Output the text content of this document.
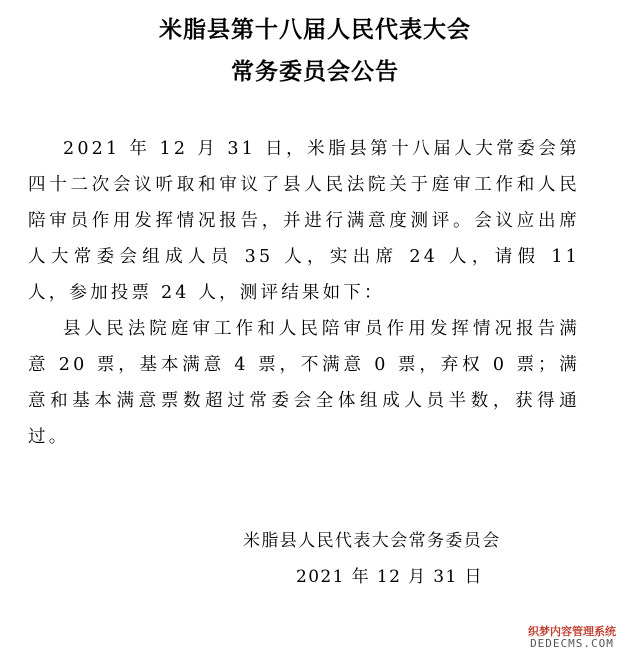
米脂县第十八届人民代表大会
常务委员会公告

2021 年 12 月 31 日，米脂县第十八届人大常委会第四十二次会议听取和审议了县人民法院关于庭审工作和人民陪审员作用发挥情况报告，并进行满意度测评。会议应出席人大常委会组成人员 35 人，实出席 24 人，请假 11 人，参加投票 24 人，测评结果如下：

县人民法院庭审工作和人民陪审员作用发挥情况报告满意 20 票，基本满意 4 票，不满意 0 票，弃权 0 票；满意和基本满意票数超过常委会全体组成人员半数，获得通过。

米脂县人民代表大会常务委员会
2021 年 12 月 31 日
织梦内容管理系统
DEDECMS.COM
